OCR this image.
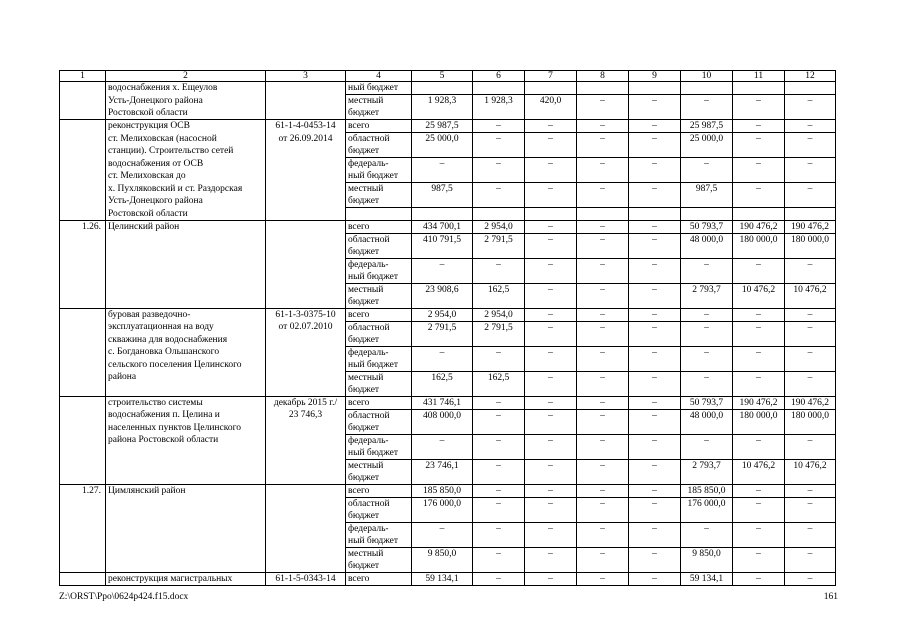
1	2	3	4	5	6	7	8	9	10	11	12
	водоснабжения х. Ещеулов		ный бюджет								
	Усть-Донецкого района		местный	1 928,3	1 928,3	420,0	–	–	–	–	–
	Ростовской области		бюджет								
	реконструкция ОСВ	61-1-4-0453-14	всего	25 987,5	–	–	–	–	25 987,5	–	–
	ст. Мелиховская (насосной	от 26.09.2014	областной	25 000,0	–	–	–	–	25 000,0	–	–
	станции). Строительство сетей		бюджет								
	водоснабжения от ОСВ		федераль-	–	–	–	–	–	–	–	–
	ст. Мелиховская до		ный бюджет								
	х. Пухляковский и ст. Раздорская		местный	987,5	–	–	–	–	987,5	–	–
	Усть-Донецкого района		бюджет								
	Ростовской области										
1.26.	Целинский район		всего	434 700,1	2 954,0	–	–	–	50 793,7	190 476,2	190 476,2
			областной	410 791,5	2 791,5	–	–	–	48 000,0	180 000,0	180 000,0
			бюджет								
			федераль-	–	–	–	–	–	–	–	–
			ный бюджет								
			местный	23 908,6	162,5	–	–	–	2 793,7	10 476,2	10 476,2
			бюджет								
	буровая разведочно-	61-1-3-0375-10	всего	2 954,0	2 954,0	–	–	–	–	–	–
	эксплуатационная на воду	от 02.07.2010	областной	2 791,5	2 791,5	–	–	–	–	–	–
	скважина для водоснабжения		бюджет								
	с. Богдановка Ольшанского		федераль-	–	–	–	–	–	–	–	–
	сельского поселения Целинского		ный бюджет								
	района		местный	162,5	162,5	–	–	–	–	–	–
			бюджет								
	строительство системы	декабрь 2015 г./	всего	431 746,1	–	–	–	–	50 793,7	190 476,2	190 476,2
	водоснабжения п. Целина и	23 746,3	областной	408 000,0	–	–	–	–	48 000,0	180 000,0	180 000,0
	населенных пунктов Целинского		бюджет								
	района Ростовской области		федераль-	–	–	–	–	–	–	–	–
			ный бюджет								
			местный	23 746,1	–	–	–	–	2 793,7	10 476,2	10 476,2
			бюджет								
1.27.	Цимлянский район		всего	185 850,0	–	–	–	–	185 850,0	–	–
			областной	176 000,0	–	–	–	–	176 000,0	–	–
			бюджет								
			федераль-	–	–	–	–	–	–	–	–
			ный бюджет								
			местный	9 850,0	–	–	–	–	9 850,0	–	–
			бюджет								
	реконструкция магистральных	61-1-5-0343-14	всего	59 134,1	–	–	–	–	59 134,1	–	–
Z:\ORST\Ppo\0624p424.f15.docx	161
